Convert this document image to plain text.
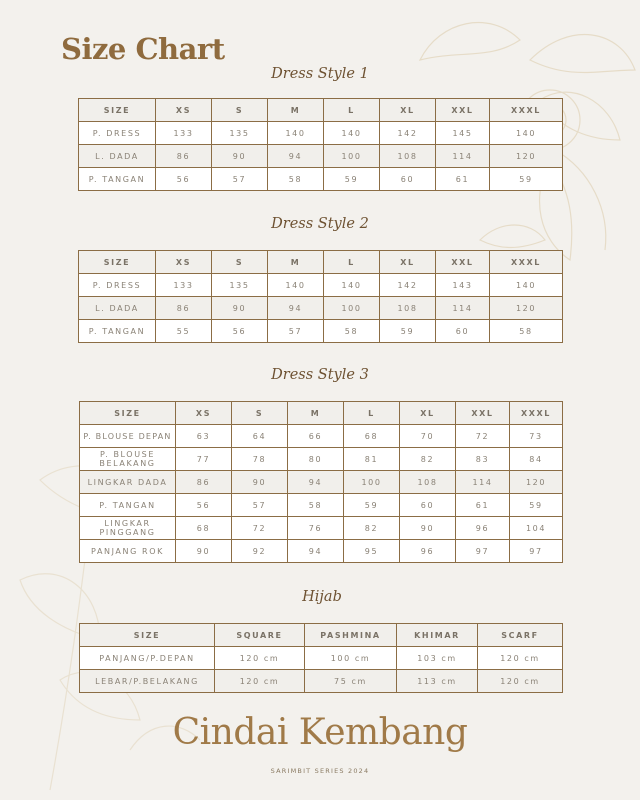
Size Chart
Dress Style 1
SIZE	XS	S	M	L	XL	XXL	XXXL
P. DRESS	133	135	140	140	142	145	140
L. DADA	86	90	94	100	108	114	120
P. TANGAN	56	57	58	59	60	61	59
Dress Style 2
SIZE	XS	S	M	L	XL	XXL	XXXL
P. DRESS	133	135	140	140	142	143	140
L. DADA	86	90	94	100	108	114	120
P. TANGAN	55	56	57	58	59	60	58
Dress Style 3
SIZE	XS	S	M	L	XL	XXL	XXXL
P. BLOUSE DEPAN	63	64	66	68	70	72	73
P. BLOUSE BELAKANG	77	78	80	81	82	83	84
LINGKAR DADA	86	90	94	100	108	114	120
P. TANGAN	56	57	58	59	60	61	59
LINGKAR PINGGANG	68	72	76	82	90	96	104
PANJANG ROK	90	92	94	95	96	97	97
Hijab
SIZE	SQUARE	PASHMINA	KHIMAR	SCARF
PANJANG/P.DEPAN	120 cm	100 cm	103 cm	120 cm
LEBAR/P.BELAKANG	120 cm	75 cm	113 cm	120 cm
Cindai Kembang
SARIMBIT SERIES 2024
